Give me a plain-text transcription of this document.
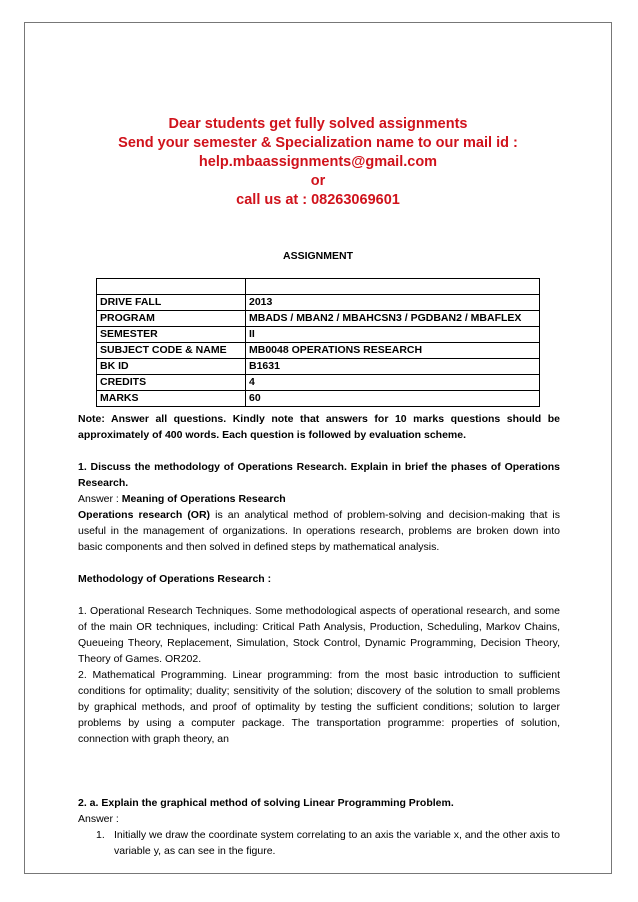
Dear students get fully solved assignments
Send your semester & Specialization name to our mail id :
help.mbaassignments@gmail.com
or
call us at : 08263069601
ASSIGNMENT

DRIVE FALL	2013
PROGRAM	MBADS / MBAN2 / MBAHCSN3 / PGDBAN2 / MBAFLEX
SEMESTER	II
SUBJECT CODE & NAME	MB0048 OPERATIONS RESEARCH
BK ID	B1631
CREDITS	4
MARKS	60

Note: Answer all questions. Kindly note that answers for 10 marks questions should be approximately of 400 words. Each question is followed by evaluation scheme.

1. Discuss the methodology of Operations Research. Explain in brief the phases of Operations Research.

Answer : Meaning of Operations Research

Operations research (OR) is an analytical method of problem-solving and decision-making that is useful in the management of organizations. In operations research, problems are broken down into basic components and then solved in defined steps by mathematical analysis.

Methodology of Operations Research :

1. Operational Research Techniques. Some methodological aspects of operational research, and some of the main OR techniques, including: Critical Path Analysis, Production, Scheduling, Markov Chains, Queueing Theory, Replacement, Simulation, Stock Control, Dynamic Programming, Decision Theory, Theory of Games. OR202.

2. Mathematical Programming. Linear programming: from the most basic introduction to sufficient conditions for optimality; duality; sensitivity of the solution; discovery of the solution to small problems by graphical methods, and proof of optimality by testing the sufficient conditions; solution to larger problems by using a computer package. The transportation programme: properties of solution, connection with graph theory, an

2. a. Explain the graphical method of solving Linear Programming Problem.

Answer :

1. Initially we draw the coordinate system correlating to an axis the variable x, and the other axis to variable y, as can see in the figure.
